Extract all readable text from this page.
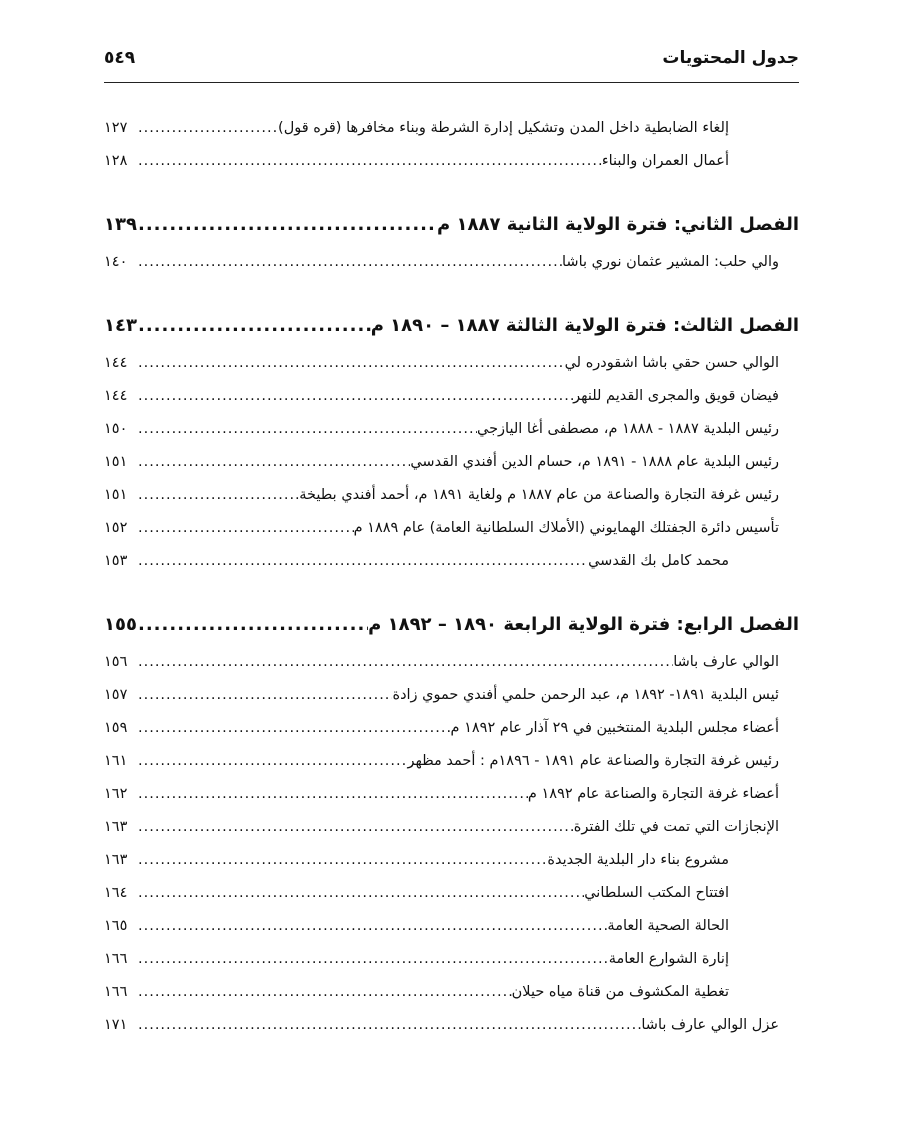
جدول المحتويات
٥٤٩
إلغاء الضابطية داخل المدن وتشكيل إدارة الشرطة وبناء مخافرها (قره قول)
.....
١٢٧
أعمال العمران والبناء
.....
١٢٨
الفصل الثاني: فترة الولاية الثانية ١٨٨٧ م
.....
١٣٩
والي حلب: المشير عثمان نوري باشا
.....
١٤٠
الفصل الثالث: فترة الولاية الثالثة ١٨٨٧ – ١٨٩٠ م
.....
١٤٣
الوالي حسن حقي باشا اشقودره لي
.....
١٤٤
فيضان قويق والمجرى القديم للنهر
.....
١٤٤
رئيس البلدية ١٨٨٧ - ١٨٨٨ م، مصطفى أغا اليازجي
.....
١٥٠
رئيس البلدية عام ١٨٨٨ - ١٨٩١ م، حسام الدين أفندي القدسي
.....
١٥١
رئيس غرفة التجارة والصناعة من عام ١٨٨٧ م ولغاية ١٨٩١ م، أحمد أفندي بطيخة
.....
١٥١
تأسيس دائرة الجفتلك الهمايوني (الأملاك السلطانية العامة) عام ١٨٨٩ م
.....
١٥٢
محمد كامل بك القدسي
.....
١٥٣
الفصل الرابع: فترة الولاية الرابعة ١٨٩٠ – ١٨٩٢ م
.....
١٥٥
الوالي عارف باشا
.....
١٥٦
ئيس البلدية ١٨٩١- ١٨٩٢ م، عبد الرحمن حلمي أفندي حموي زادة
.....
١٥٧
أعضاء مجلس البلدية المنتخبين في ٢٩ آذار عام ١٨٩٢ م
.....
١٥٩
رئيس غرفة التجارة والصناعة عام ١٨٩١ - ١٨٩٦م : أحمد مظهر
.....
١٦١
أعضاء غرفة التجارة والصناعة عام ١٨٩٢ م
.....
١٦٢
الإنجازات التي تمت في تلك الفترة
.....
١٦٣
مشروع بناء دار البلدية الجديدة
.....
١٦٣
افتتاح المكتب السلطاني
.....
١٦٤
الحالة الصحية العامة
.....
١٦٥
إنارة الشوارع العامة
.....
١٦٦
تغطية المكشوف من قناة مياه حيلان
.....
١٦٦
عزل الوالي عارف باشا
.....
١٧١
